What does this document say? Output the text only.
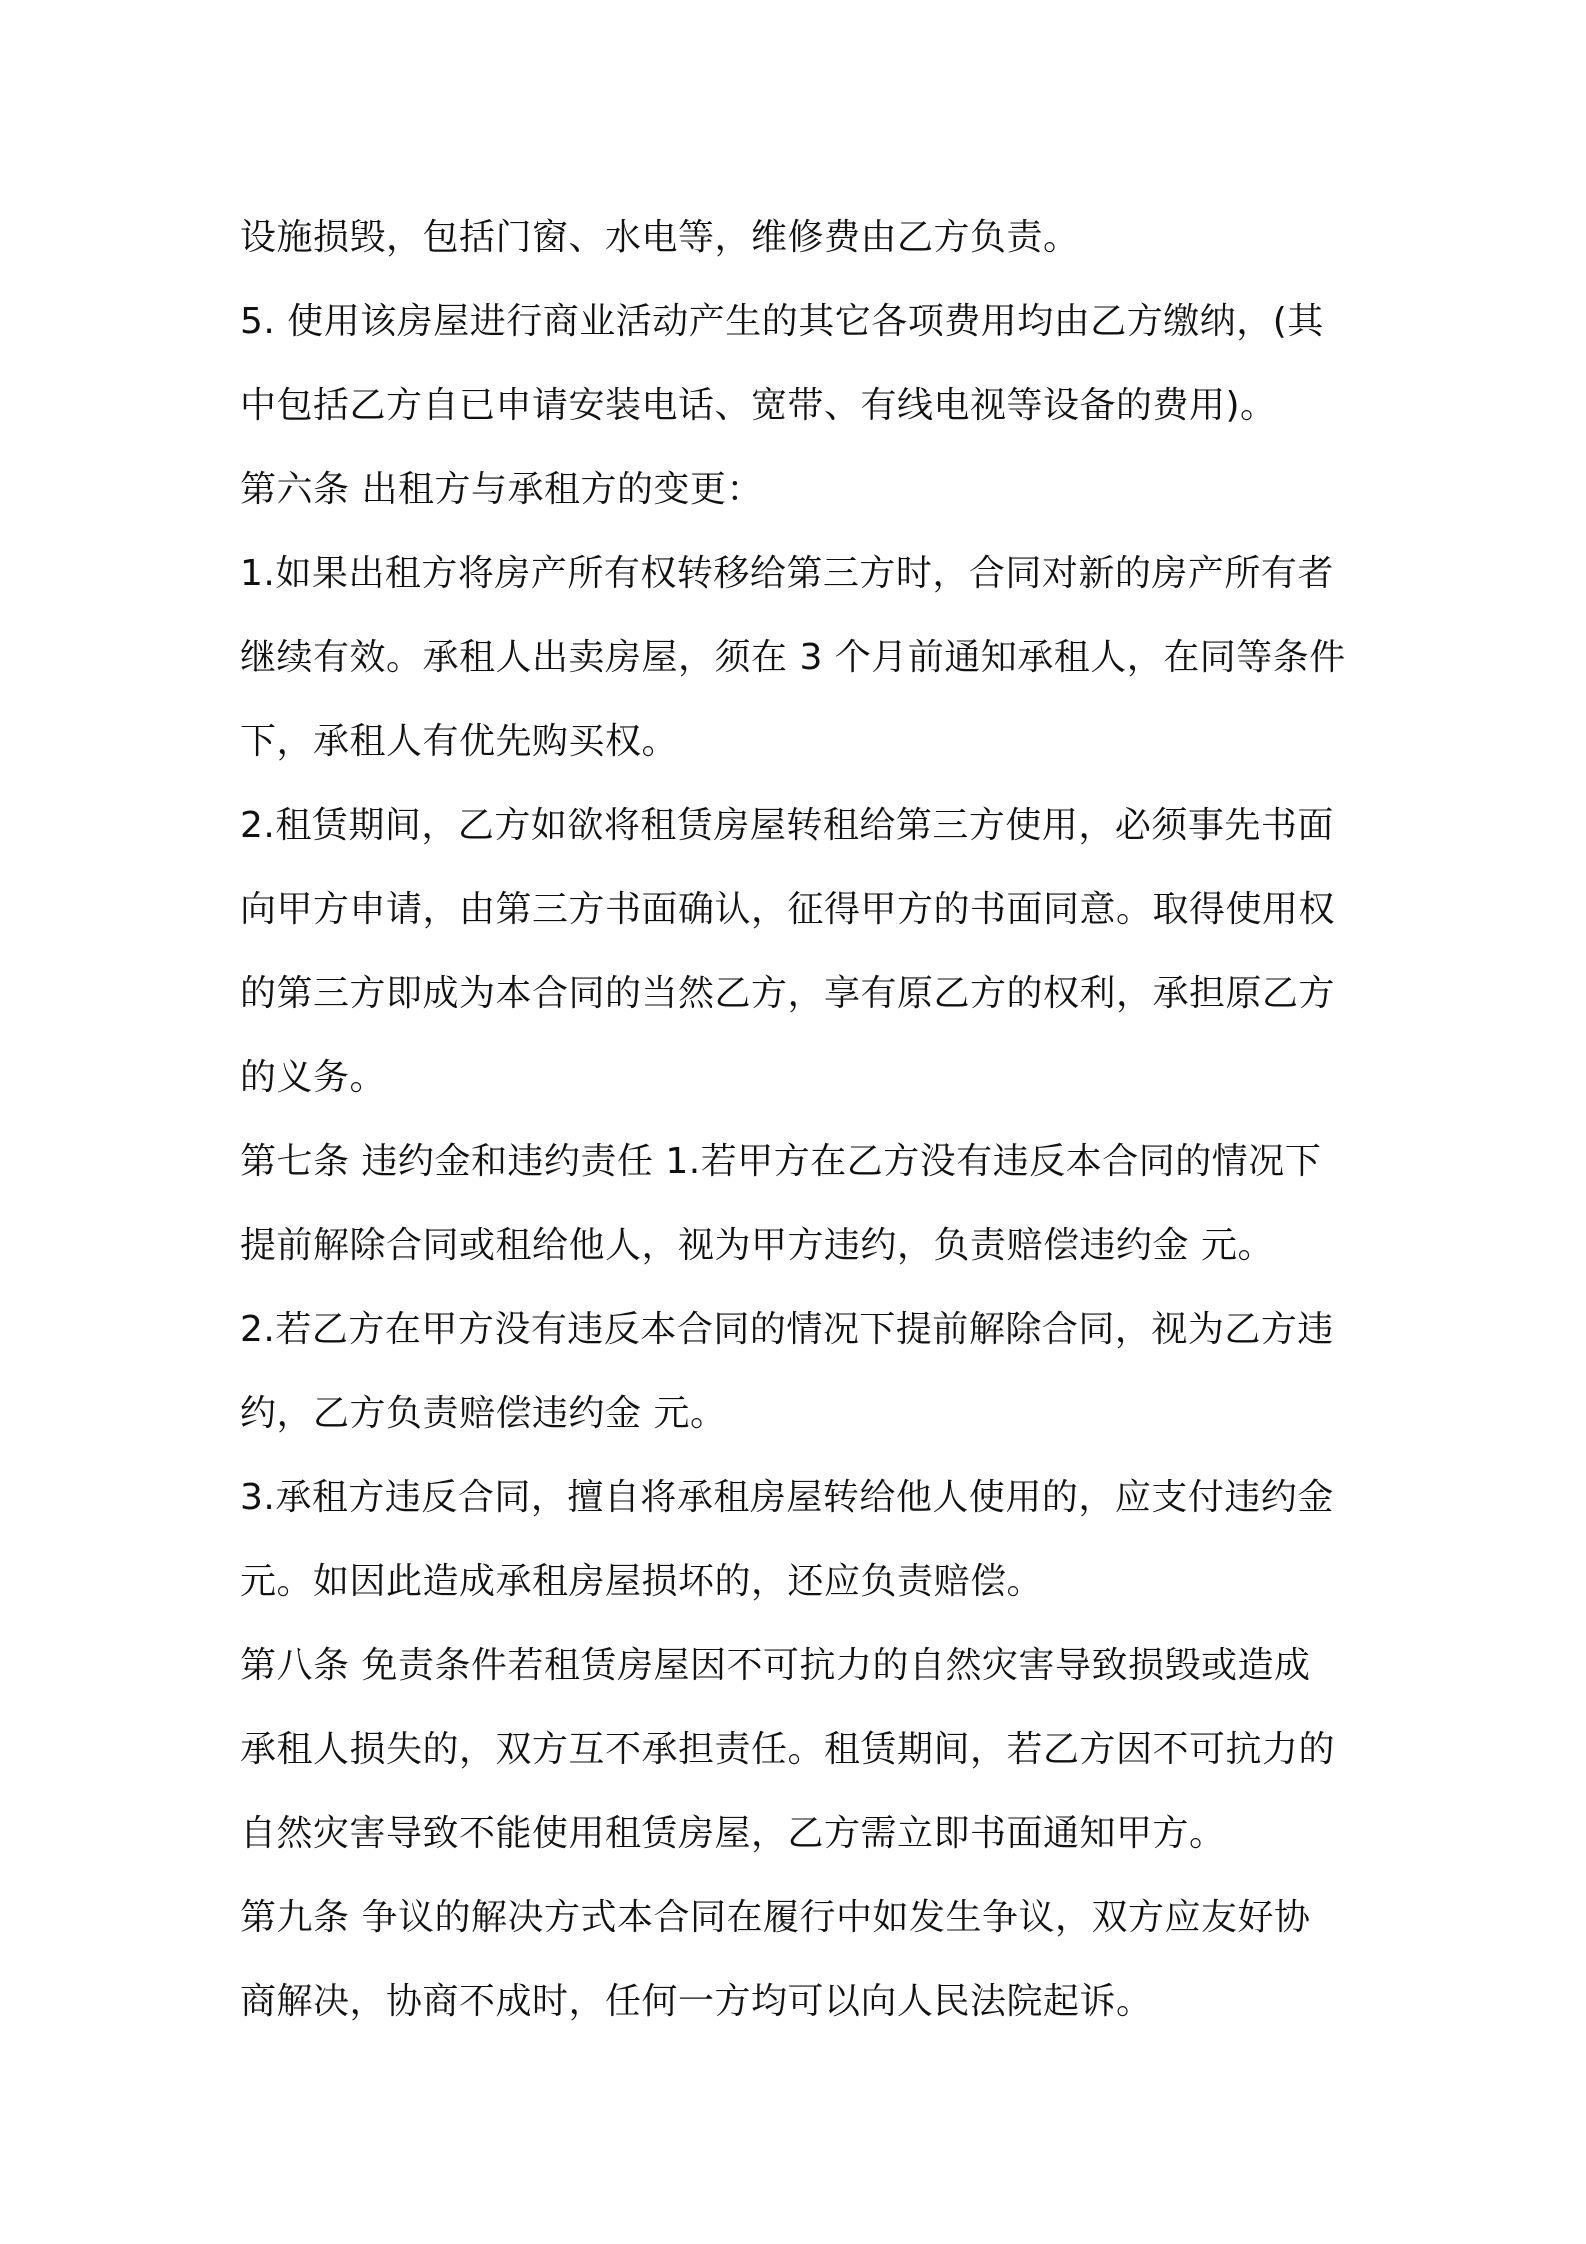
设施损毁，包括门窗、水电等，维修费由乙方负责。
5. 使用该房屋进行商业活动产生的其它各项费用均由乙方缴纳，(其
中包括乙方自已申请安装电话、宽带、有线电视等设备的费用)。
第六条 出租方与承租方的变更：
1.如果出租方将房产所有权转移给第三方时，合同对新的房产所有者
继续有效。承租人出卖房屋，须在 3 个月前通知承租人，在同等条件
下，承租人有优先购买权。
2.租赁期间，乙方如欲将租赁房屋转租给第三方使用，必须事先书面
向甲方申请，由第三方书面确认，征得甲方的书面同意。取得使用权
的第三方即成为本合同的当然乙方，享有原乙方的权利，承担原乙方
的义务。
第七条 违约金和违约责任 1.若甲方在乙方没有违反本合同的情况下
提前解除合同或租给他人，视为甲方违约，负责赔偿违约金 元。
2.若乙方在甲方没有违反本合同的情况下提前解除合同，视为乙方违
约，乙方负责赔偿违约金 元。
3.承租方违反合同，擅自将承租房屋转给他人使用的，应支付违约金
元。如因此造成承租房屋损坏的，还应负责赔偿。
第八条 免责条件若租赁房屋因不可抗力的自然灾害导致损毁或造成
承租人损失的，双方互不承担责任。租赁期间，若乙方因不可抗力的
自然灾害导致不能使用租赁房屋，乙方需立即书面通知甲方。
第九条 争议的解决方式本合同在履行中如发生争议，双方应友好协
商解决，协商不成时，任何一方均可以向人民法院起诉。
